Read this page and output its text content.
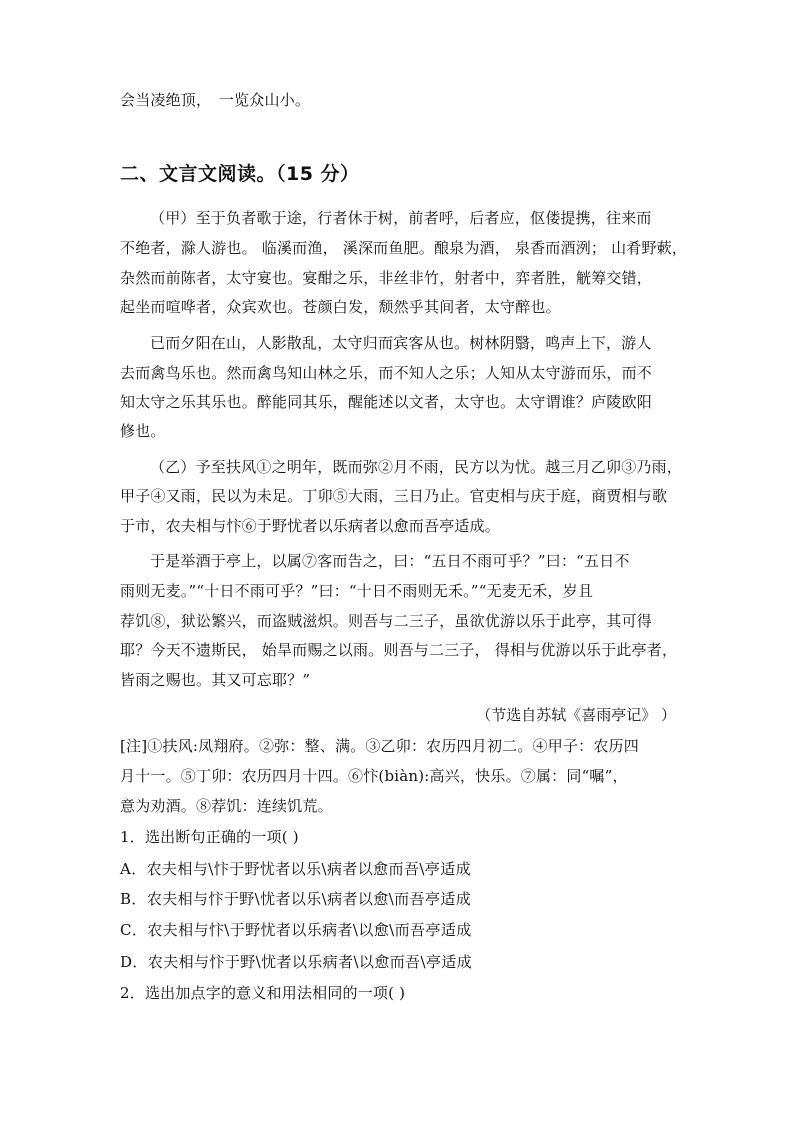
会当凌绝顶，　一览众山小。
二、文言文阅读。（15 分）
（甲）至于负者歌于途，行者休于树，前者呼，后者应，伛偻提携，往来而
不绝者，滁人游也。 临溪而渔， 溪深而鱼肥。酿泉为酒， 泉香而酒洌； 山肴野蔌，
杂然而前陈者，太守宴也。宴酣之乐，非丝非竹，射者中，弈者胜，觥筹交错，
起坐而喧哗者，众宾欢也。苍颜白发，颓然乎其间者，太守醉也。
已而夕阳在山，人影散乱，太守归而宾客从也。树林阴翳，鸣声上下，游人
去而禽鸟乐也。然而禽鸟知山林之乐，而不知人之乐；人知从太守游而乐，而不
知太守之乐其乐也。醉能同其乐，醒能述以文者，太守也。太守谓谁？庐陵欧阳
修也。
（乙）予至扶风①之明年，既而弥②月不雨，民方以为忧。越三月乙卯③乃雨，
甲子④又雨，民以为未足。丁卯⑤大雨，三日乃止。官吏相与庆于庭，商贾相与歌
于市，农夫相与忭⑥于野忧者以乐病者以愈而吾亭适成。
于是举酒于亭上，以属⑦客而告之，曰：“五日不雨可乎？”曰：“五日不
雨则无麦。”“十日不雨可乎？”曰：“十日不雨则无禾。”“无麦无禾，岁且
荐饥⑧，狱讼繁兴，而盗贼滋炽。则吾与二三子，虽欲优游以乐于此亭，其可得
耶？今天不遗斯民， 始旱而赐之以雨。则吾与二三子， 得相与优游以乐于此亭者，
皆雨之赐也。其又可忘耶？”
（节选自苏轼《喜雨亭记》 ）
[注]①扶风:凤翔府。②弥：整、满。③乙卯：农历四月初二。④甲子：农历四
月十一。⑤丁卯：农历四月十四。⑥忭(biàn):高兴，快乐。⑦属：同“嘱”，
意为劝酒。⑧荐饥：连续饥荒。
1．选出断句正确的一项( )
A．农夫相与\忭于野忧者以乐\病者以愈而吾\亭适成
B．农夫相与忭于野\忧者以乐\病者以愈\而吾亭适成
C．农夫相与忭\于野忧者以乐病者\以愈\而吾亭适成
D．农夫相与忭于野\忧者以乐病者\以愈而吾\亭适成
2．选出加点字的意义和用法相同的一项( )
